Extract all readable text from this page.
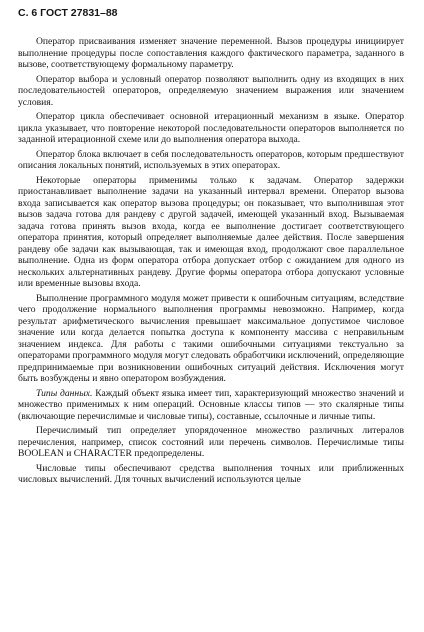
С. 6 ГОСТ 27831–88

Оператор присваивания изменяет значение переменной. Вызов процедуры инициирует выполнение процедуры после сопоставления каждого фактического параметра, заданного в вызове, соответствующему формальному параметру.

Оператор выбора и условный оператор позволяют выполнить одну из входящих в них последовательностей операторов, определяемую значением выражения или значением условия.

Оператор цикла обеспечивает основной итерационный механизм в языке. Оператор цикла указывает, что повторение некоторой последовательности операторов выполняется по заданной итерационной схеме или до выполнения оператора выхода.

Оператор блока включает в себя последовательность операторов, которым предшествуют описания локальных понятий, используемых в этих операторах.

Некоторые операторы применимы только к задачам. Оператор задержки приостанавливает выполнение задачи на указанный интервал времени. Оператор вызова входа записывается как оператор вызова процедуры; он показывает, что выполнившая этот вызов задача готова для рандеву с другой задачей, имеющей указанный вход. Вызываемая задача готова принять вызов входа, когда ее выполнение достигает соответствующего оператора принятия, который определяет выполняемые далее действия. После завершения рандеву обе задачи как вызывающая, так и имеющая вход, продолжают свое параллельное выполнение. Одна из форм оператора отбора допускает отбор с ожиданием для одного из нескольких альтернативных рандеву. Другие формы оператора отбора допускают условные или временные вызовы входа.

Выполнение программного модуля может привести к ошибочным ситуациям, вследствие чего продолжение нормального выполнения программы невозможно. Например, когда результат арифметического вычисления превышает максимальное допустимое числовое значение или когда делается попытка доступа к компоненту массива с неправильным значением индекса. Для работы с такими ошибочными ситуациями текстуально за операторами программного модуля могут следовать обработчики исключений, определяющие предпринимаемые при возникновении ошибочных ситуаций действия. Исключения могут быть возбуждены и явно оператором возбуждения.

Типы данных. Каждый объект языка имеет тип, характеризующий множество значений и множество применимых к ним операций. Основные классы типов — это скалярные типы (включающие перечислимые и числовые типы), составные, ссылочные и личные типы.

Перечислимый тип определяет упорядоченное множество различных литералов перечисления, например, список состояний или перечень символов. Перечислимые типы BOOLEAN и CHARACTER предопределены.

Числовые типы обеспечивают средства выполнения точных или приближенных числовых вычислений. Для точных вычислений используются целые
